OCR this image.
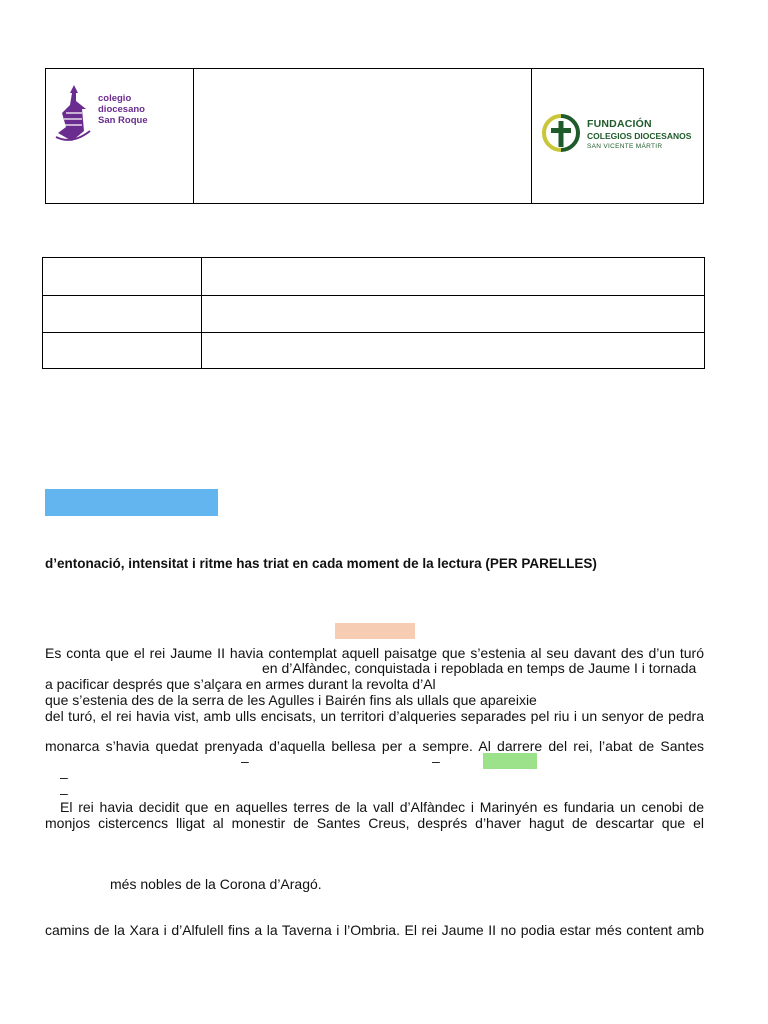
colegio
diocesano
San Roque	FUNDACIÓN
COLEGIOS DIOCESANOS
SAN VICENTE MÁRTIR
d’entonació, intensitat i ritme has triat en cada moment de la lectura (PER PARELLES)
Es conta que el rei Jaume II havia contemplat aquell paisatge que s’estenia al seu davant des d’un turó
en d’Alfàndec, conquistada i repoblada en temps de Jaume I i tornada
a pacificar després que s’alçara en armes durant la revolta d’Al
que s’estenia des de la serra de les Agulles i Bairén fins als ullals que apareixie
del turó, el rei havia vist, amb ulls encisats, un territori d’alqueries separades pel riu i un senyor de pedra
monarca s’havia quedat prenyada d’aquella bellesa per a sempre. Al darrere del rei, l’abat de Santes
–	–
–
–
El rei havia decidit que en aquelles terres de la vall d’Alfàndec i Marinyén es fundaria un cenobi de
monjos cistercencs lligat al monestir de Santes Creus, després d’haver hagut de descartar que el
més nobles de la Corona d’Aragó.
camins de la Xara i d’Alfulell fins a la Taverna i l’Ombria. El rei Jaume II no podia estar més content amb
